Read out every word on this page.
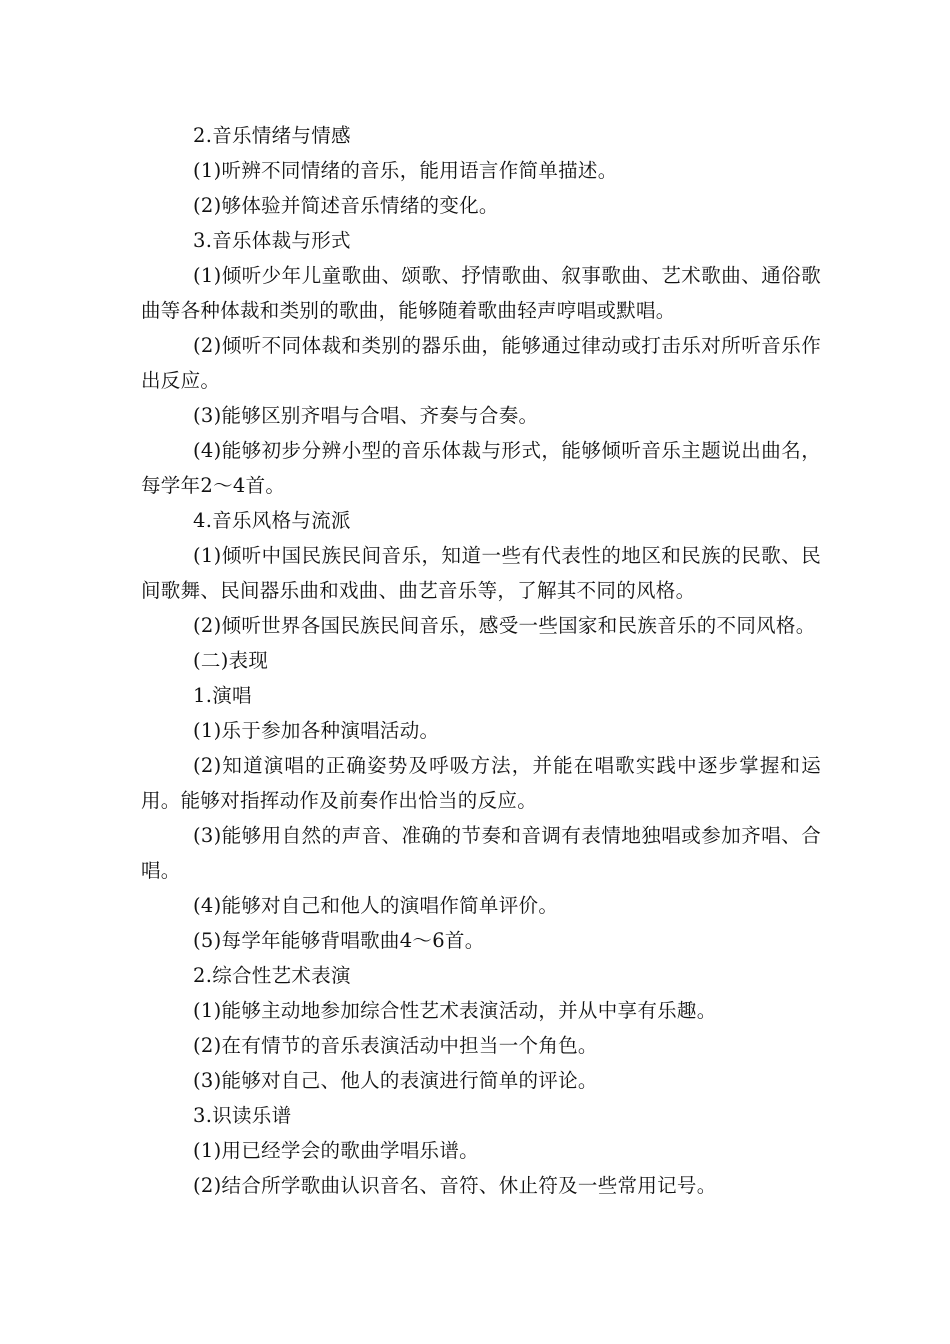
2.音乐情绪与情感

(1)听辨不同情绪的音乐，能用语言作简单描述。

(2)够体验并简述音乐情绪的变化。

3.音乐体裁与形式

(1)倾听少年儿童歌曲、颂歌、抒情歌曲、叙事歌曲、艺术歌曲、通俗歌曲等各种体裁和类别的歌曲，能够随着歌曲轻声哼唱或默唱。

(2)倾听不同体裁和类别的器乐曲，能够通过律动或打击乐对所听音乐作出反应。

(3)能够区别齐唱与合唱、齐奏与合奏。

(4)能够初步分辨小型的音乐体裁与形式，能够倾听音乐主题说出曲名，每学年2～4首。

4.音乐风格与流派

(1)倾听中国民族民间音乐，知道一些有代表性的地区和民族的民歌、民间歌舞、民间器乐曲和戏曲、曲艺音乐等，了解其不同的风格。

(2)倾听世界各国民族民间音乐，感受一些国家和民族音乐的不同风格。

(二)表现

1.演唱

(1)乐于参加各种演唱活动。

(2)知道演唱的正确姿势及呼吸方法，并能在唱歌实践中逐步掌握和运用。能够对指挥动作及前奏作出恰当的反应。

(3)能够用自然的声音、准确的节奏和音调有表情地独唱或参加齐唱、合唱。

(4)能够对自己和他人的演唱作简单评价。

(5)每学年能够背唱歌曲4～6首。

2.综合性艺术表演

(1)能够主动地参加综合性艺术表演活动，并从中享有乐趣。

(2)在有情节的音乐表演活动中担当一个角色。

(3)能够对自己、他人的表演进行简单的评论。

3.识读乐谱

(1)用已经学会的歌曲学唱乐谱。

(2)结合所学歌曲认识音名、音符、休止符及一些常用记号。
